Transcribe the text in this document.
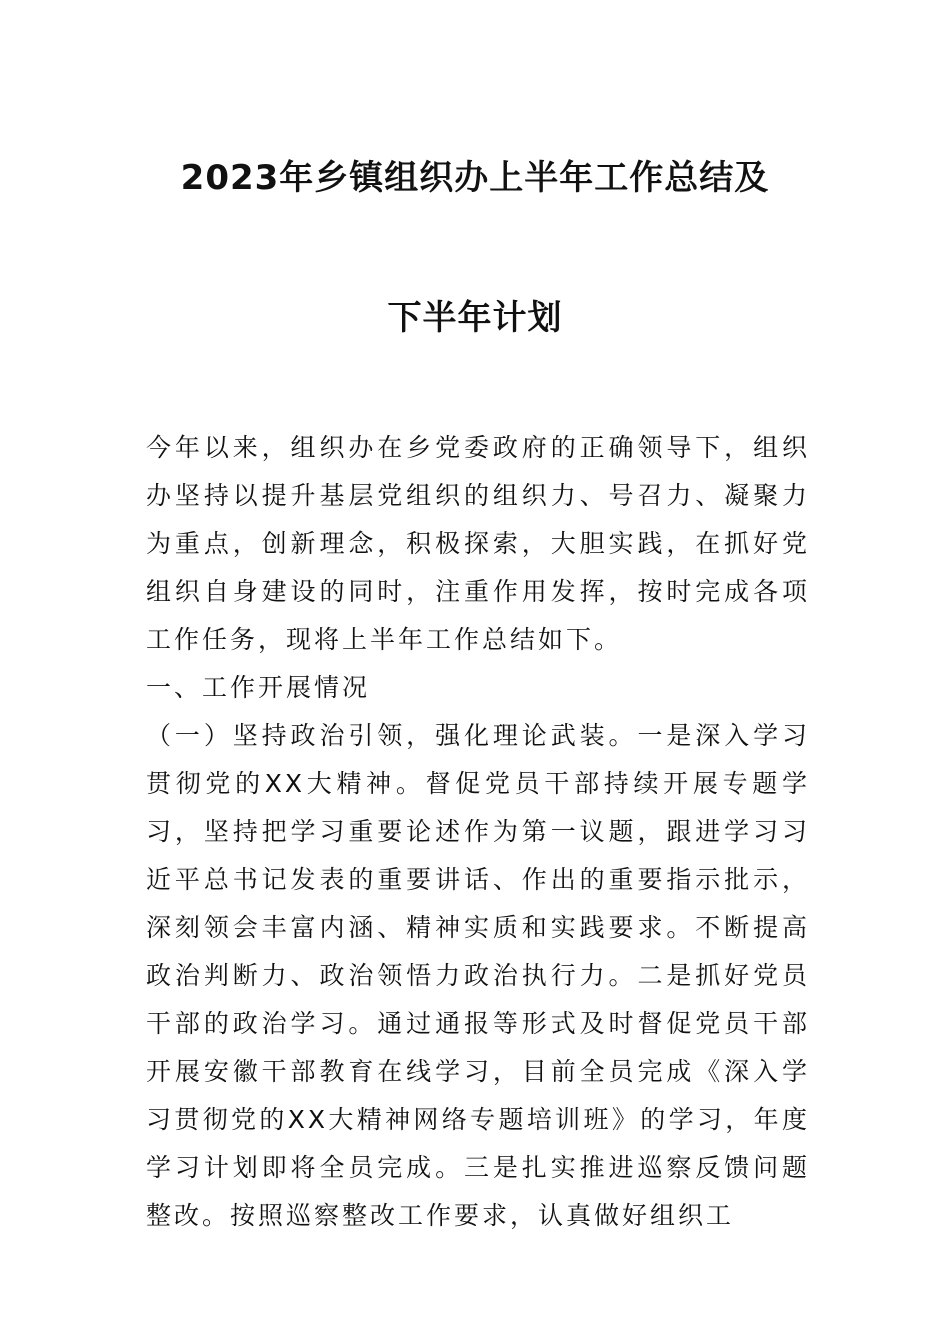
2023年乡镇组织办上半年工作总结及
下半年计划

今年以来，组织办在乡党委政府的正确领导下，组织办坚持以提升基层党组织的组织力、号召力、凝聚力为重点，创新理念，积极探索，大胆实践，在抓好党组织自身建设的同时，注重作用发挥，按时完成各项工作任务，现将上半年工作总结如下。

一、工作开展情况

（一）坚持政治引领，强化理论武装。一是深入学习贯彻党的XX大精神。督促党员干部持续开展专题学习，坚持把学习重要论述作为第一议题，跟进学习习近平总书记发表的重要讲话、作出的重要指示批示，深刻领会丰富内涵、精神实质和实践要求。不断提高政治判断力、政治领悟力政治执行力。二是抓好党员干部的政治学习。通过通报等形式及时督促党员干部开展安徽干部教育在线学习，目前全员完成《深入学习贯彻党的XX大精神网络专题培训班》的学习，年度学习计划即将全员完成。三是扎实推进巡察反馈问题整改。按照巡察整改工作要求，认真做好组织工
